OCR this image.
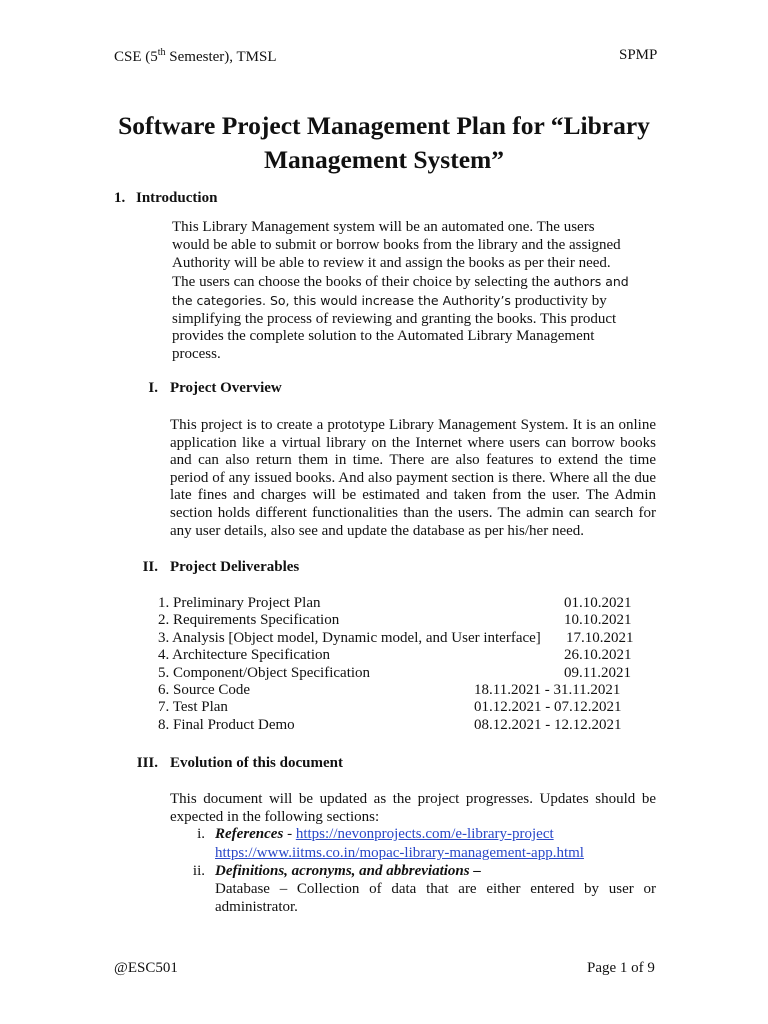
CSE (5th Semester), TMSL	SPMP
Software Project Management Plan for “Library
Management System”
1. Introduction
This Library Management system will be an automated one. The users would be able to submit or borrow books from the library and the assigned Authority will be able to review it and assign the books as per their need. The users can choose the books of their choice by selecting the authors and the categories. So, this would increase the Authority’s productivity by simplifying the process of reviewing and granting the books. This product provides the complete solution to the Automated Library Management process.
I. Project Overview
This project is to create a prototype Library Management System. It is an online application like a virtual library on the Internet where users can borrow books and can also return them in time. There are also features to extend the time period of any issued books. And also payment section is there. Where all the due late fines and charges will be estimated and taken from the user. The Admin section holds different functionalities than the users. The admin can search for any user details, also see and update the database as per his/her need.
II. Project Deliverables
1. Preliminary Project Plan	01.10.2021
2. Requirements Specification	10.10.2021
3. Analysis [Object model, Dynamic model, and User interface] 17.10.2021
4. Architecture Specification	26.10.2021
5. Component/Object Specification	09.11.2021
6. Source Code	18.11.2021 - 31.11.2021
7. Test Plan	01.12.2021 - 07.12.2021
8. Final Product Demo	08.12.2021 - 12.12.2021
III. Evolution of this document
This document will be updated as the project progresses. Updates should be expected in the following sections:
i. References - https://nevonprojects.com/e-library-project
https://www.iitms.co.in/mopac-library-management-app.html
ii. Definitions, acronyms, and abbreviations –
Database – Collection of data that are either entered by user or administrator.
@ESC501	Page 1 of 9
